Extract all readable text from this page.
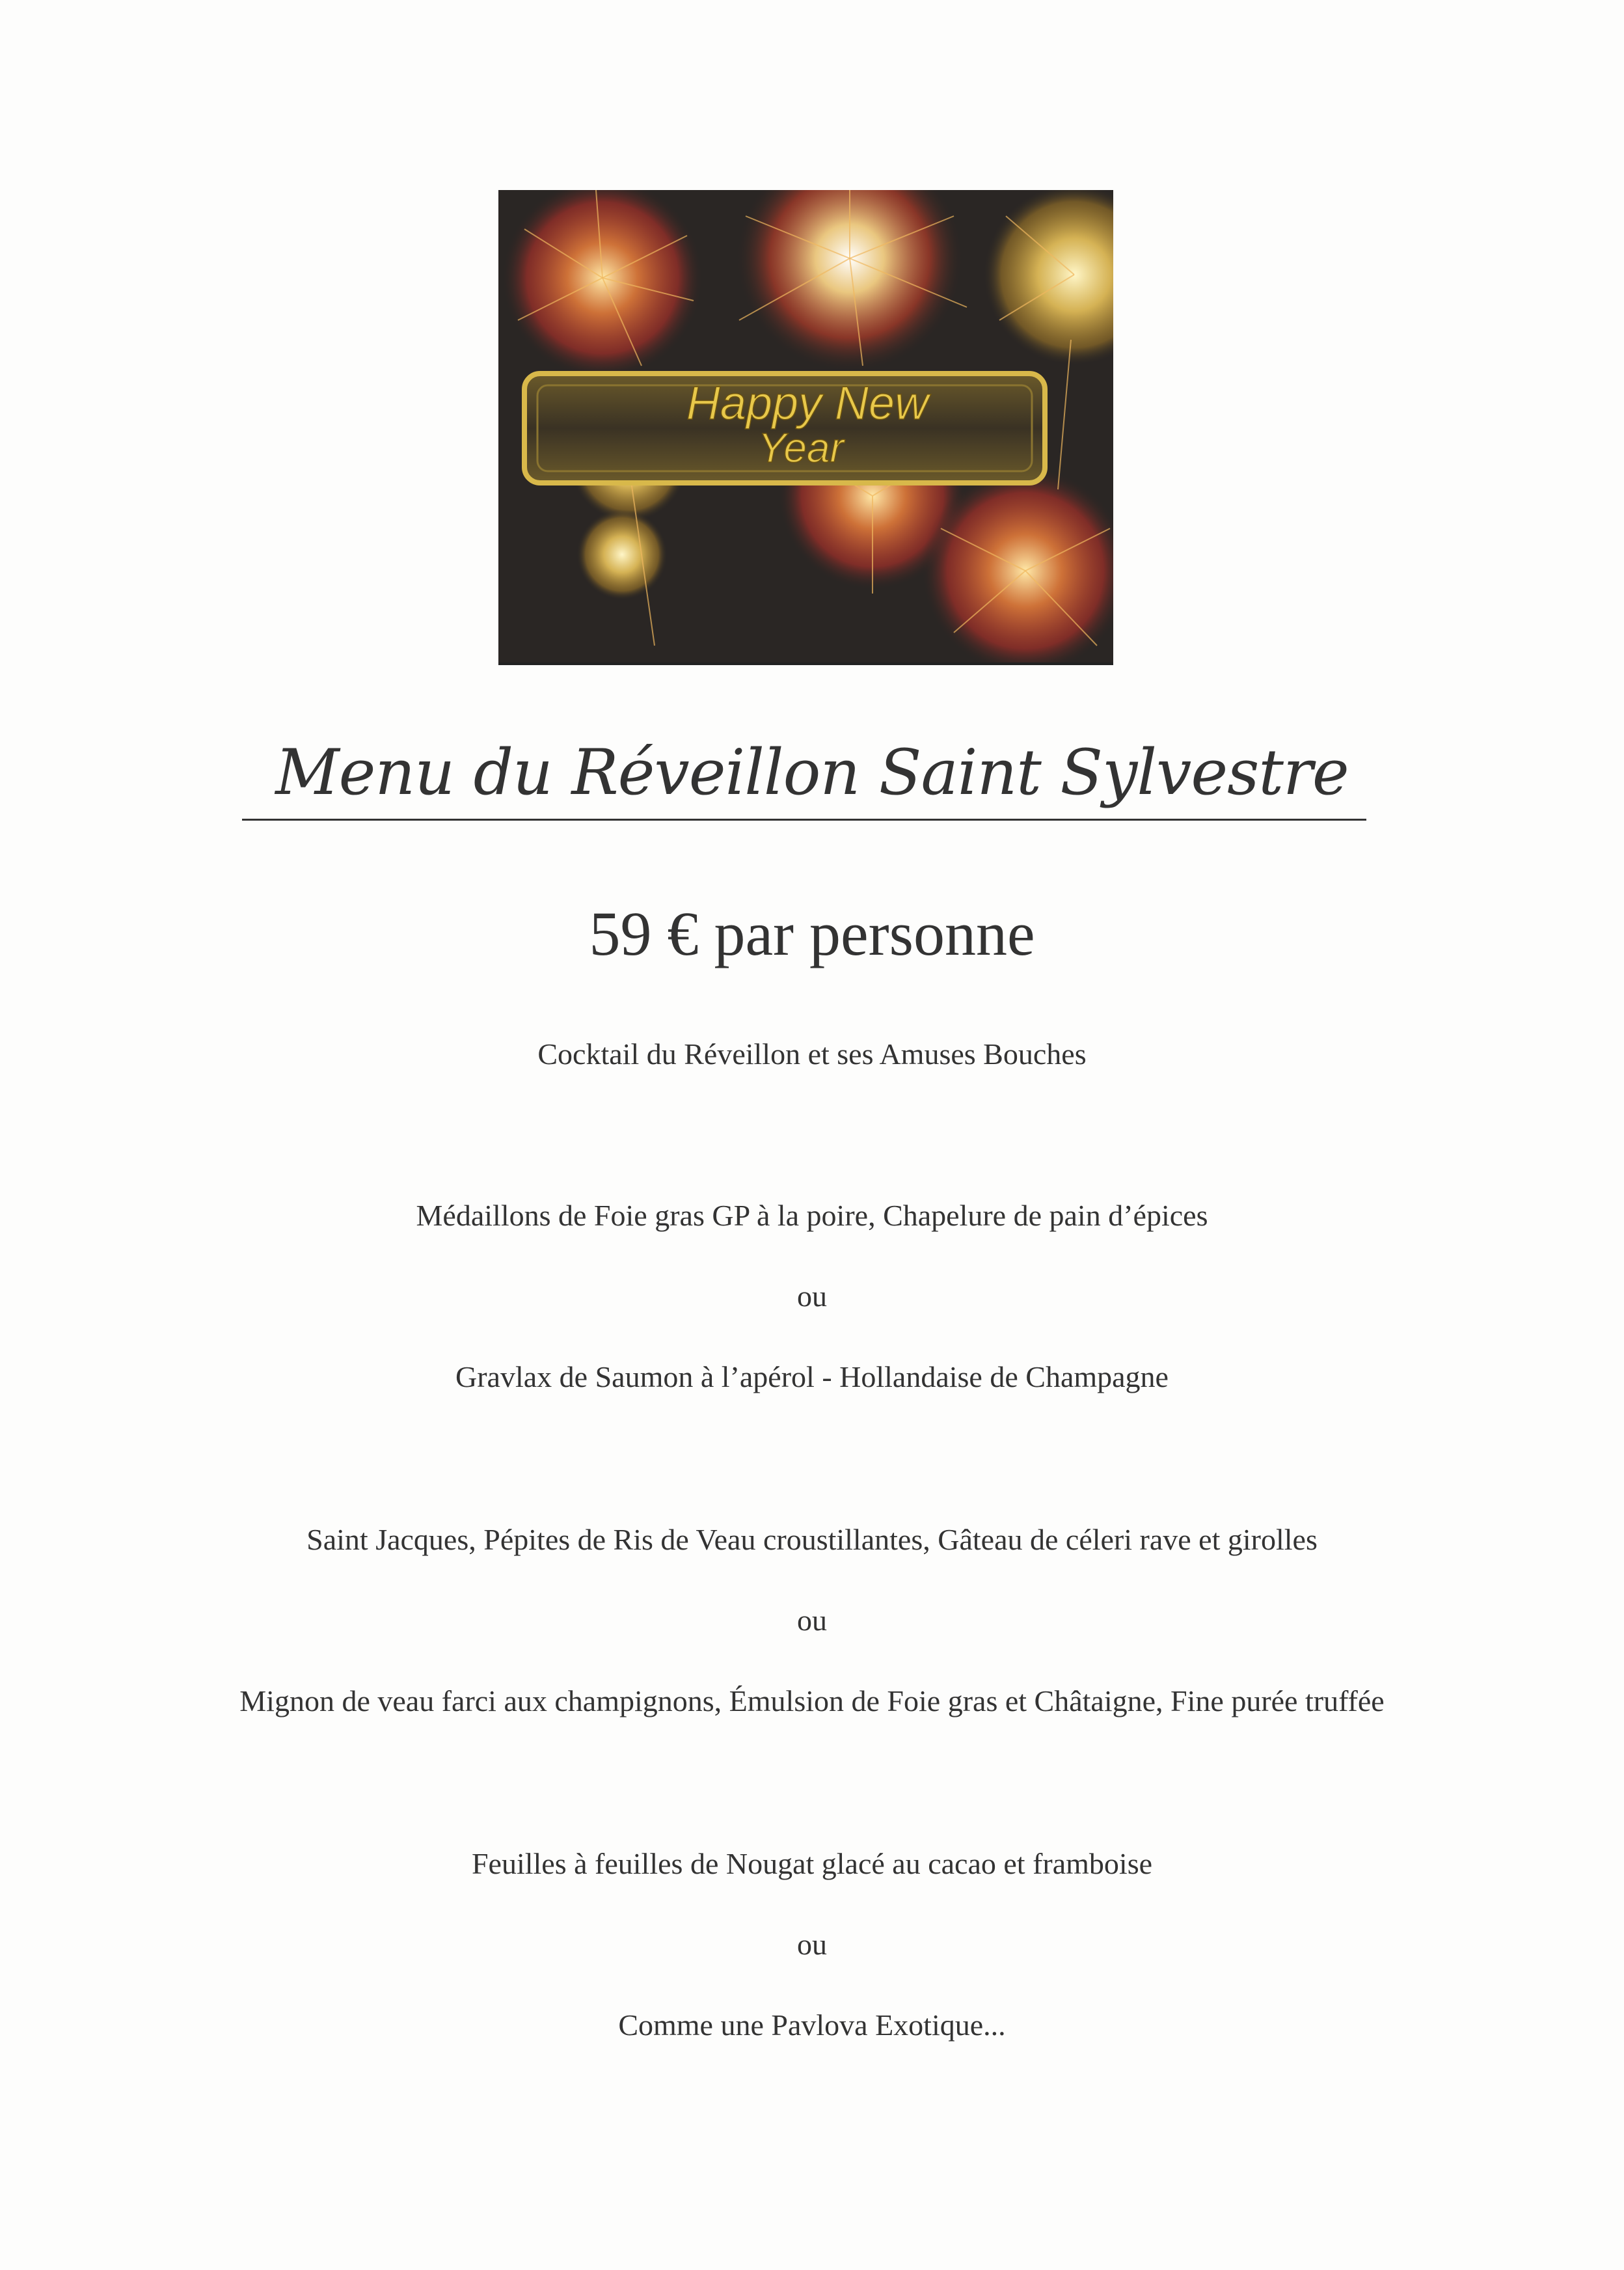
Happy New
Year
Menu du Réveillon Saint Sylvestre
59 € par personne
Cocktail du Réveillon et ses Amuses Bouches
Médaillons de Foie gras GP à la poire, Chapelure de pain d’épices
ou
Gravlax de Saumon à l’apérol - Hollandaise de Champagne
Saint Jacques, Pépites de Ris de Veau croustillantes, Gâteau de céleri rave et girolles
ou
Mignon de veau farci aux champignons, Émulsion de Foie gras et Châtaigne, Fine purée truffée
Feuilles à feuilles de Nougat glacé au cacao et framboise
ou
Comme une Pavlova Exotique...
